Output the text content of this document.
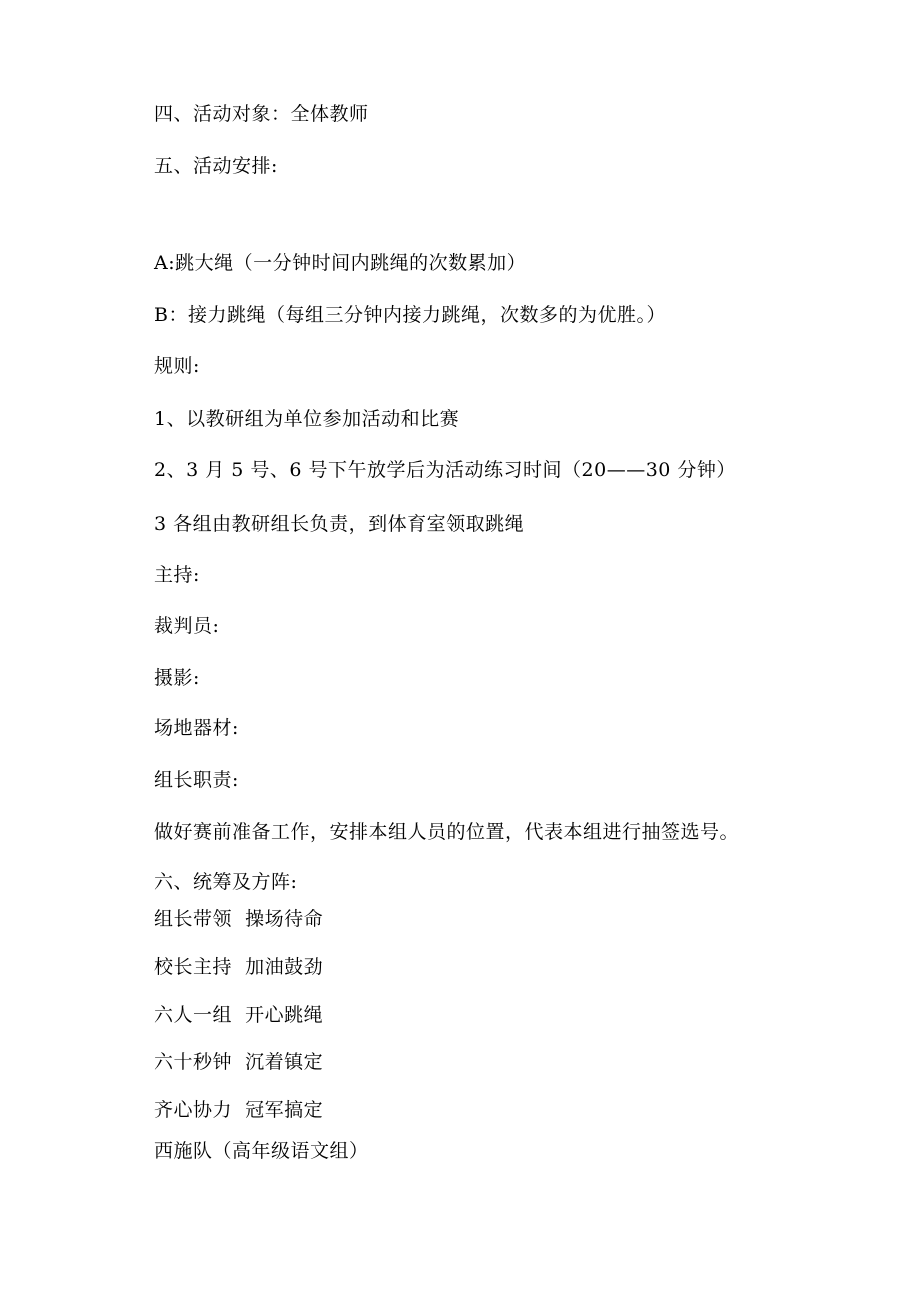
四、活动对象：全体教师
五、活动安排:
A:跳大绳（一分钟时间内跳绳的次数累加）
B：接力跳绳（每组三分钟内接力跳绳，次数多的为优胜。）
规则:
1、以教研组为单位参加活动和比赛
2、3 月 5 号、6 号下午放学后为活动练习时间（20——30 分钟）
3 各组由教研组长负责，到体育室领取跳绳
主持:
裁判员:
摄影:
场地器材:
组长职责:
做好赛前准备工作，安排本组人员的位置，代表本组进行抽签选号。
六、统筹及方阵:
组长带领  操场待命
校长主持  加油鼓劲
六人一组  开心跳绳
六十秒钟  沉着镇定
齐心协力  冠军搞定
西施队（高年级语文组）
